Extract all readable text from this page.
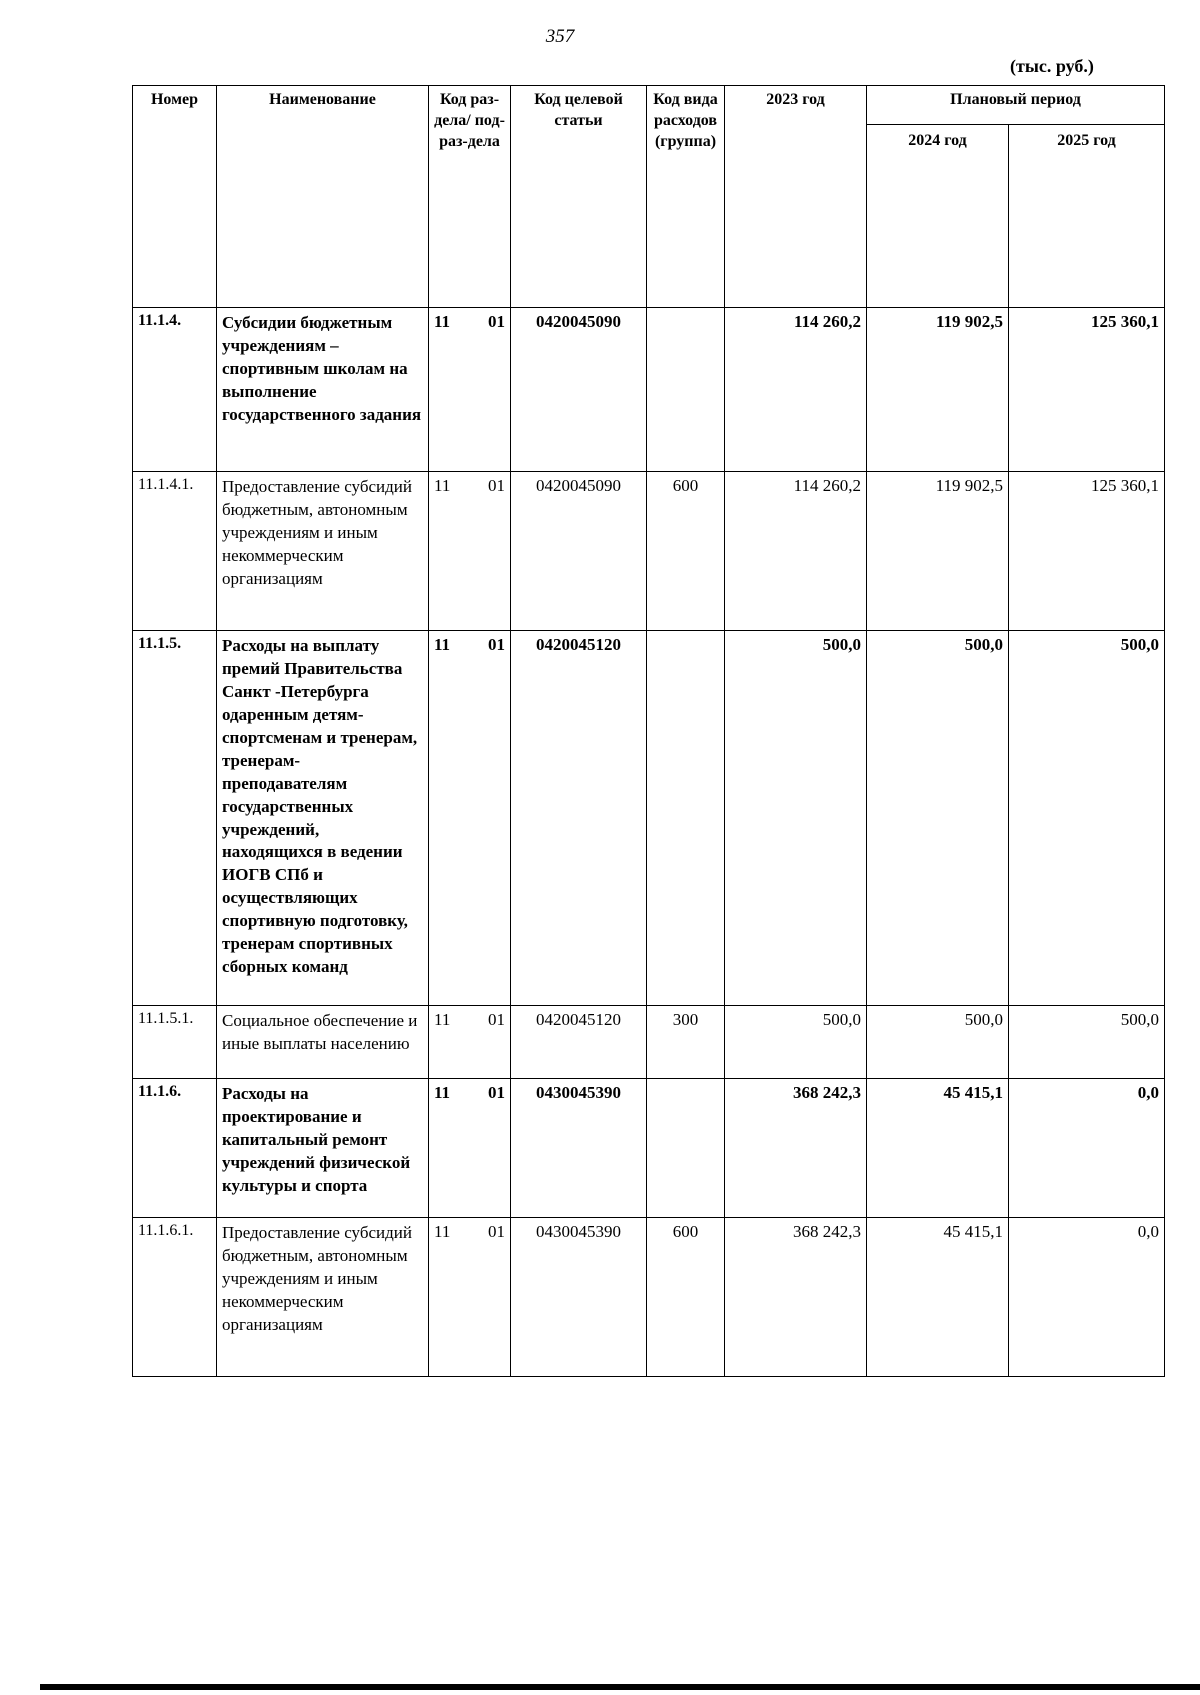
357
(тыс. руб.)
Номер	Наименование	Код раз-дела/ под-раз-дела	Код целевой статьи	Код вида расходов (группа)	2023 год	Плановый период	
						2024 год	2025 год
11.1.4.	Субсидии бюджетным учреждениям – спортивным школам на выполнение государственного задания	11 01	0420045090		114 260,2	119 902,5	125 360,1
11.1.4.1.	Предоставление субсидий бюджетным, автономным учреждениям и иным некоммерческим организациям	11 01	0420045090	600	114 260,2	119 902,5	125 360,1
11.1.5.	Расходы на выплату премий Правительства Санкт -Петербурга одаренным детям-спортсменам и тренерам, тренерам-преподавателям государственных учреждений, находящихся в ведении ИОГВ СПб и осуществляющих спортивную подготовку, тренерам спортивных сборных команд	11 01	0420045120		500,0	500,0	500,0
11.1.5.1.	Социальное обеспечение и иные выплаты населению	11 01	0420045120	300	500,0	500,0	500,0
11.1.6.	Расходы на проектирование и капитальный ремонт учреждений физической культуры и спорта	11 01	0430045390		368 242,3	45 415,1	0,0
11.1.6.1.	Предоставление субсидий бюджетным, автономным учреждениям и иным некоммерческим организациям	11 01	0430045390	600	368 242,3	45 415,1	0,0
